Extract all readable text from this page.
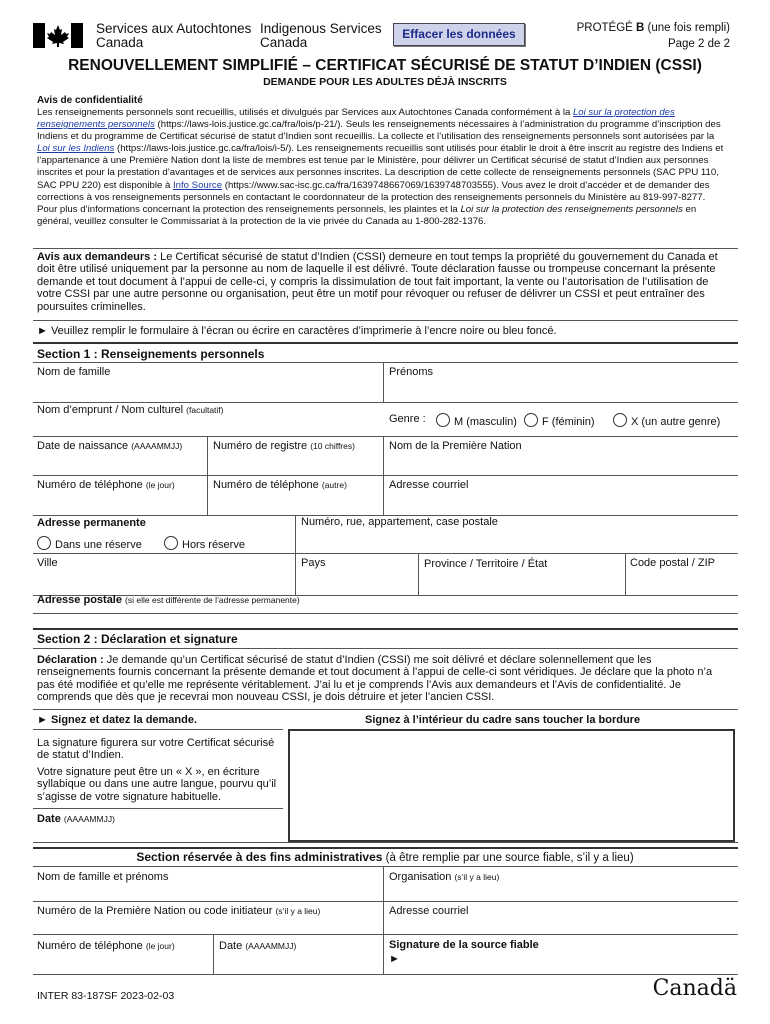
Services aux Autochtones
Canada
Indigenous Services
Canada
Effacer les données	PROTÉGÉ B (une fois rempli)
Page 2 de 2
RENOUVELLEMENT SIMPLIFIÉ – CERTIFICAT SÉCURISÉ DE STATUT D’INDIEN (CSSI)
DEMANDE POUR LES ADULTES DÉJÀ INSCRITS
Avis de confidentialité
Les renseignements personnels sont recueillis, utilisés et divulgués par Services aux Autochtones Canada conformément à la Loi sur la protection des renseignements personnels (https://laws-lois.justice.gc.ca/fra/lois/p-21/). Seuls les renseignements nécessaires à l’administration du programme d’inscription des Indiens et du programme de Certificat sécurisé de statut d’Indien sont recueillis. La collecte et l’utilisation des renseignements personnels sont autorisées par la Loi sur les Indiens (https://laws-lois.justice.gc.ca/fra/lois/i-5/). Les renseignements recueillis sont utilisés pour établir le droit à être inscrit au registre des Indiens et l’appartenance à une Première Nation dont la liste de membres est tenue par le Ministère, pour délivrer un Certificat sécurisé de statut d’Indien aux personnes inscrites et pour la prestation d’avantages et de services aux personnes inscrites. La description de cette collecte de renseignements personnels (SAC PPU 110, SAC PPU 220) est disponible à Info Source (https://www.sac-isc.gc.ca/fra/1639748667069/1639748703555). Vous avez le droit d’accéder et de demander des corrections à vos renseignements personnels en contactant le coordonnateur de la protection des renseignements personnels du Ministère au 819-997-8277. Pour plus d’informations concernant la protection des renseignements personnels, les plaintes et la Loi sur la protection des renseignements personnels en général, veuillez consulter le Commissariat à la protection de la vie privée du Canada au 1-800-282-1376.
Avis aux demandeurs : Le Certificat sécurisé de statut d’Indien (CSSI) demeure en tout temps la propriété du gouvernement du Canada et doit être utilisé uniquement par la personne au nom de laquelle il est délivré. Toute déclaration fausse ou trompeuse concernant la présente demande et tout document à l’appui de celle-ci, y compris la dissimulation de tout fait important, la vente ou l’autorisation de l’utilisation de votre CSSI par une autre personne ou organisation, peut être un motif pour révoquer ou refuser de délivrer un CSSI et peut entraîner des poursuites criminelles.
► Veuillez remplir le formulaire à l’écran ou écrire en caractères d’imprimerie à l’encre noire ou bleu foncé.
Section 1 : Renseignements personnels
Nom de famille	Prénoms
Nom d’emprunt / Nom culturel (facultatif)
Genre :	M (masculin)	F (féminin)	X (un autre genre)
Date de naissance (AAAAMMJJ)	Numéro de registre (10 chiffres)	Nom de la Première Nation
Numéro de téléphone (le jour)	Numéro de téléphone (autre)	Adresse courriel
Adresse permanente	Numéro, rue, appartement, case postale
Dans une réserve	Hors réserve
Ville	Pays	Province / Territoire / État	Code postal / ZIP
Adresse postale (si elle est différente de l’adresse permanente)
Section 2 : Déclaration et signature
Déclaration : Je demande qu’un Certificat sécurisé de statut d’Indien (CSSI) me soit délivré et déclare solennellement que les renseignements fournis concernant la présente demande et tout document à l’appui de celle-ci sont véridiques. Je déclare que la photo n’a pas été modifiée et qu’elle me représente véritablement. J’ai lu et je comprends l’Avis aux demandeurs et l’Avis de confidentialité. Je comprends que dès que je recevrai mon nouveau CSSI, je dois détruire et jeter l’ancien CSSI.
► Signez et datez la demande.	Signez à l’intérieur du cadre sans toucher la bordure
La signature figurera sur votre Certificat sécurisé de statut d’Indien.
Votre signature peut être un « X », en écriture syllabique ou dans une autre langue, pourvu qu’il s’agisse de votre signature habituelle.
Date (AAAAMMJJ)
Section réservée à des fins administratives (à être remplie par une source fiable, s’il y a lieu)
Nom de famille et prénoms	Organisation (s’il y a lieu)
Numéro de la Première Nation ou code initiateur (s’il y a lieu)	Adresse courriel
Numéro de téléphone (le jour)	Date (AAAAMMJJ)	Signature de la source fiable
►
INTER 83-187SF 2023-02-03	Canadä
